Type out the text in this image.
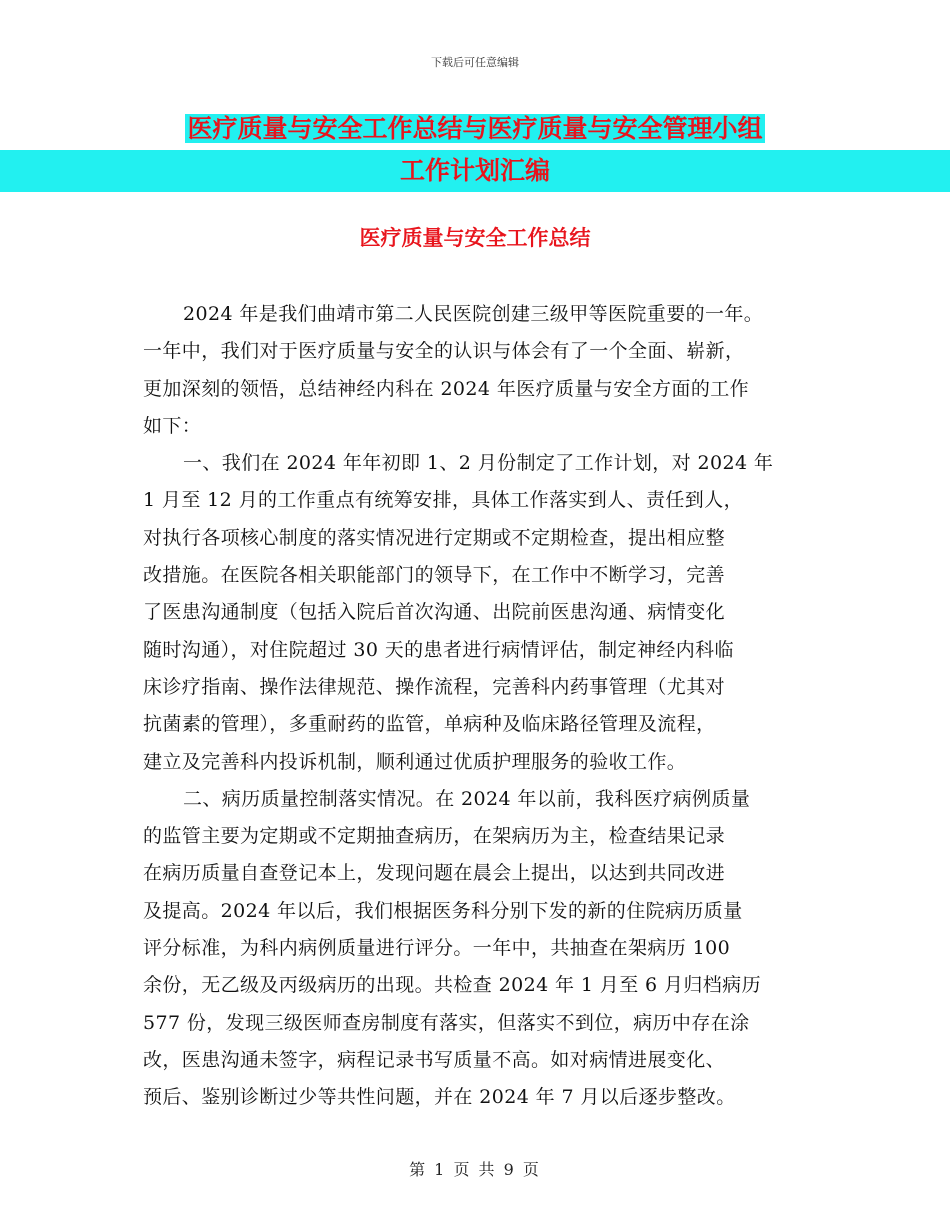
下载后可任意编辑
医疗质量与安全工作总结与医疗质量与安全管理小组
工作计划汇编
医疗质量与安全工作总结
2024 年是我们曲靖市第二人民医院创建三级甲等医院重要的一年。
一年中，我们对于医疗质量与安全的认识与体会有了一个全面、崭新，
更加深刻的领悟，总结神经内科在 2024 年医疗质量与安全方面的工作
如下：
一、我们在 2024 年年初即 1、2 月份制定了工作计划，对 2024 年
1 月至 12 月的工作重点有统筹安排，具体工作落实到人、责任到人，
对执行各项核心制度的落实情况进行定期或不定期检查，提出相应整
改措施。在医院各相关职能部门的领导下，在工作中不断学习，完善
了医患沟通制度（包括入院后首次沟通、出院前医患沟通、病情变化
随时沟通），对住院超过 30 天的患者进行病情评估，制定神经内科临
床诊疗指南、操作法律规范、操作流程，完善科内药事管理（尤其对
抗菌素的管理），多重耐药的监管，单病种及临床路径管理及流程，
建立及完善科内投诉机制，顺利通过优质护理服务的验收工作。
二、病历质量控制落实情况。在 2024 年以前，我科医疗病例质量
的监管主要为定期或不定期抽查病历，在架病历为主，检查结果记录
在病历质量自查登记本上，发现问题在晨会上提出，以达到共同改进
及提高。2024 年以后，我们根据医务科分别下发的新的住院病历质量
评分标准，为科内病例质量进行评分。一年中，共抽查在架病历 100
余份，无乙级及丙级病历的出现。共检查 2024 年 1 月至 6 月归档病历
577 份，发现三级医师查房制度有落实，但落实不到位，病历中存在涂
改，医患沟通未签字，病程记录书写质量不高。如对病情进展变化、
预后、鉴别诊断过少等共性问题，并在 2024 年 7 月以后逐步整改。
第 1 页 共 9 页
